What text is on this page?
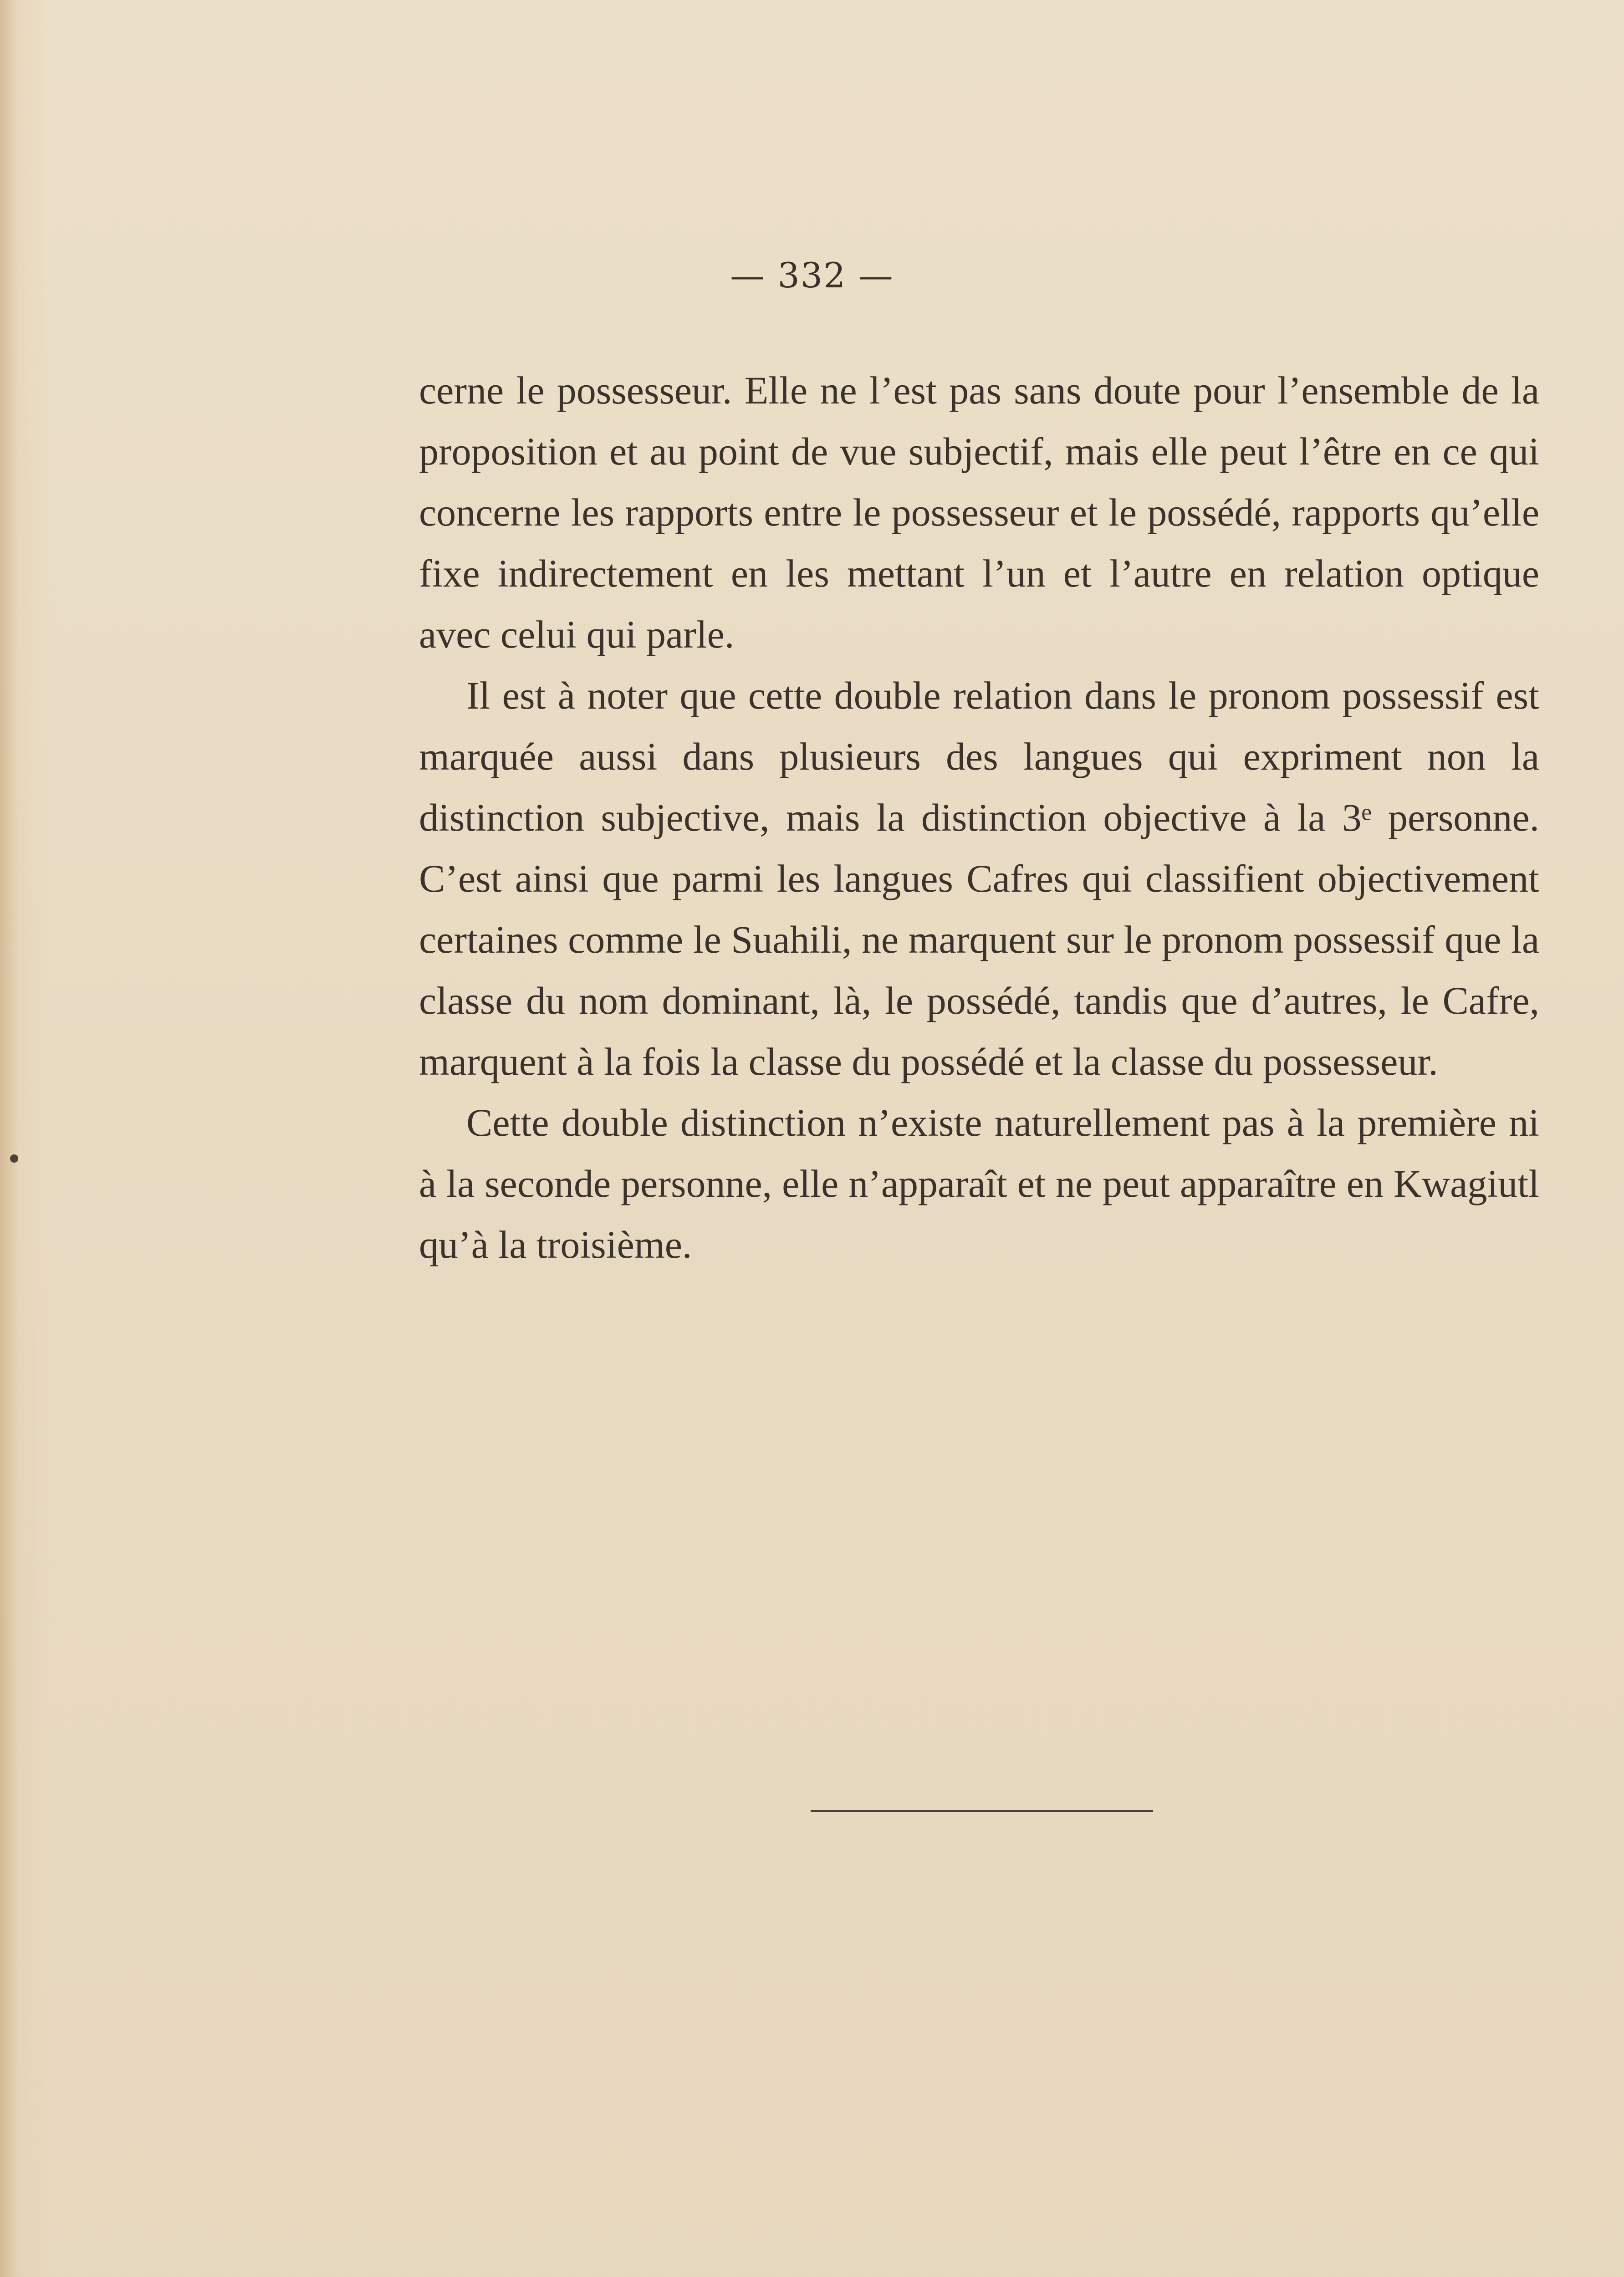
— 332 —

cerne le possesseur. Elle ne l’est pas sans doute pour l’ensemble de la proposition et au point de vue subjectif, mais elle peut l’être en ce qui concerne les rapports entre le possesseur et le possédé, rapports qu’elle fixe indirectement en les mettant l’un et l’autre en relation optique avec celui qui parle.

Il est à noter que cette double relation dans le pronom possessif est marquée aussi dans plusieurs des langues qui expriment non la distinction subjective, mais la distinction objective à la 3ᵉ personne. C’est ainsi que parmi les langues Cafres qui classifient objectivement certaines comme le Suahili, ne marquent sur le pronom possessif que la classe du nom dominant, là, le possédé, tandis que d’autres, le Cafre, marquent à la fois la classe du possédé et la classe du possesseur.

Cette double distinction n’existe naturellement pas à la première ni à la seconde personne, elle n’apparaît et ne peut apparaître en Kwagiutl qu’à la troisième.
